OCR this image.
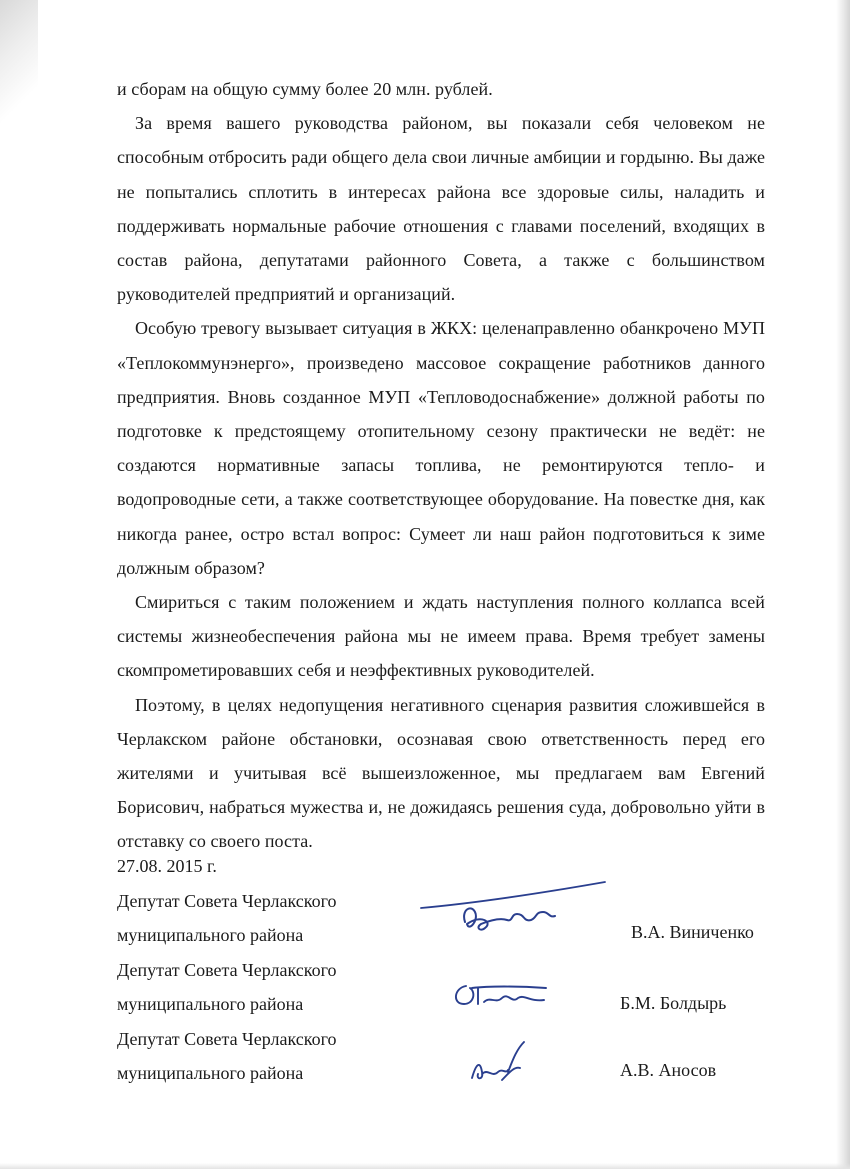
и сборам на общую сумму более 20 млн. рублей.

За время вашего руководства районом, вы показали себя человеком не способным отбросить ради общего дела свои личные амбиции и гордыню. Вы даже не попытались сплотить в интересах района все здоровые силы, наладить и поддерживать нормальные рабочие отношения с главами поселений, входящих в состав района, депутатами районного Совета, а также с большинством руководителей предприятий и организаций.

Особую тревогу вызывает ситуация в ЖКХ: целенаправленно обанкрочено МУП «Теплокоммунэнерго», произведено массовое сокращение работников данного предприятия. Вновь созданное МУП «Тепловодоснабжение» должной работы по подготовке к предстоящему отопительному сезону практически не ведёт: не создаются нормативные запасы топлива, не ремонтируются тепло- и водопроводные сети, а также соответствующее оборудование. На повестке дня, как никогда ранее, остро встал вопрос: Сумеет ли наш район подготовиться к зиме должным образом?

Смириться с таким положением и ждать наступления полного коллапса всей системы жизнеобеспечения района мы не имеем права. Время требует замены скомпрометировавших себя и неэффективных руководителей.

Поэтому, в целях недопущения негативного сценария развития сложившейся в Черлакском районе обстановки, осознавая свою ответственность перед его жителями и учитывая всё вышеизложенное, мы предлагаем вам Евгений Борисович, набраться мужества и, не дожидаясь решения суда, добровольно уйти в отставку со своего поста.

27.08. 2015 г.
Депутат Совета Черлакского
муниципального района	В.А. Виниченко
Депутат Совета Черлакского
муниципального района	Б.М. Болдырь
Депутат Совета Черлакского
муниципального района	А.В. Аносов
